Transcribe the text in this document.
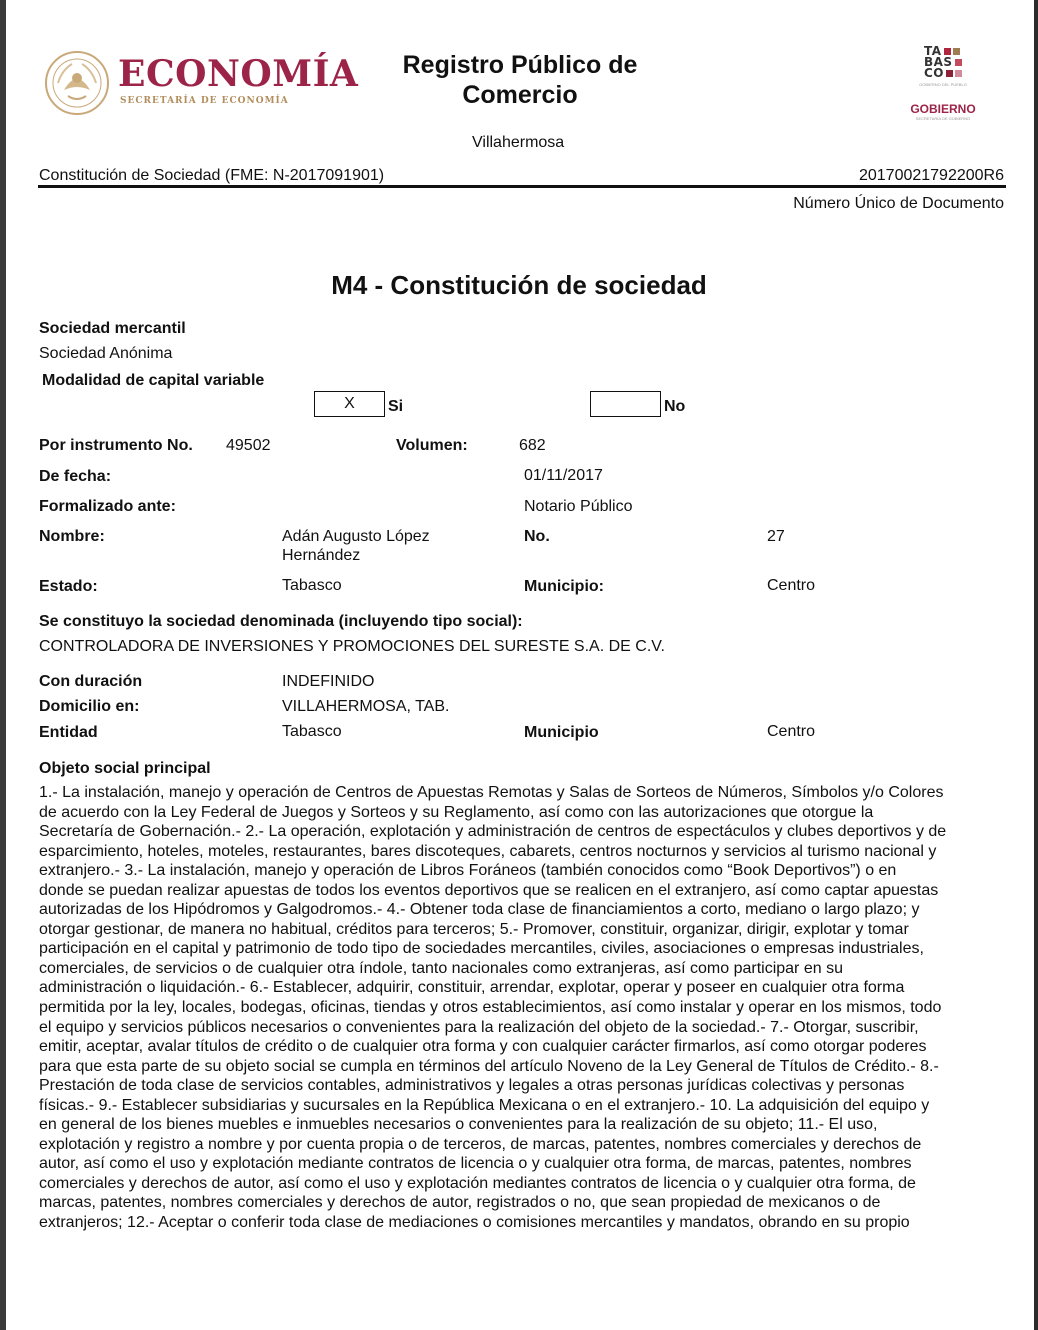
ECONOMÍA
SECRETARÍA DE ECONOMÍA
Registro Público de
Comercio
TA
BAS
CO
GOBIERNO DEL PUEBLO
GOBIERNO
SECRETARÍA DE GOBIERNO
Villahermosa
Constitución de Sociedad (FME: N-2017091901)	20170021792200R6
Número Único de Documento
M4 - Constitución de sociedad
Sociedad mercantil
Sociedad Anónima
Modalidad de capital variable
X	Si	No
Por instrumento No. 49502	Volumen:	682
De fecha:	01/11/2017
Formalizado ante:	Notario Público
Nombre:	Adán Augusto López
Hernández
No.	27
Estado:	Tabasco	Municipio:	Centro
Se constituyo la sociedad denominada (incluyendo tipo social):
CONTROLADORA DE INVERSIONES Y PROMOCIONES DEL SURESTE S.A. DE C.V.
Con duración	INDEFINIDO
Domicilio en:	VILLAHERMOSA, TAB.
Entidad	Tabasco	Municipio	Centro
Objeto social principal
1.- La instalación, manejo y operación de Centros de Apuestas Remotas y Salas de Sorteos de Números, Símbolos y/o Colores
de acuerdo con la Ley Federal de Juegos y Sorteos y su Reglamento, así como con las autorizaciones que otorgue la
Secretaría de Gobernación.- 2.- La operación, explotación y administración de centros de espectáculos y clubes deportivos y de
esparcimiento, hoteles, moteles, restaurantes, bares discoteques, cabarets, centros nocturnos y servicios al turismo nacional y
extranjero.- 3.- La instalación, manejo y operación de Libros Foráneos (también conocidos como “Book Deportivos”) o en
donde se puedan realizar apuestas de todos los eventos deportivos que se realicen en el extranjero, así como captar apuestas
autorizadas de los Hipódromos y Galgodromos.- 4.- Obtener toda clase de financiamientos a corto, mediano o largo plazo; y
otorgar gestionar, de manera no habitual, créditos para terceros; 5.- Promover, constituir, organizar, dirigir, explotar y tomar
participación en el capital y patrimonio de todo tipo de sociedades mercantiles, civiles, asociaciones o empresas industriales,
comerciales, de servicios o de cualquier otra índole, tanto nacionales como extranjeras, así como participar en su
administración o liquidación.- 6.- Establecer, adquirir, constituir, arrendar, explotar, operar y poseer en cualquier otra forma
permitida por la ley, locales, bodegas, oficinas, tiendas y otros establecimientos, así como instalar y operar en los mismos, todo
el equipo y servicios públicos necesarios o convenientes para la realización del objeto de la sociedad.- 7.- Otorgar, suscribir,
emitir, aceptar, avalar títulos de crédito o de cualquier otra forma y con cualquier carácter firmarlos, así como otorgar poderes
para que esta parte de su objeto social se cumpla en términos del artículo Noveno de la Ley General de Títulos de Crédito.- 8.-
Prestación de toda clase de servicios contables, administrativos y legales a otras personas jurídicas colectivas y personas
físicas.- 9.- Establecer subsidiarias y sucursales en la República Mexicana o en el extranjero.- 10. La adquisición del equipo y
en general de los bienes muebles e inmuebles necesarios o convenientes para la realización de su objeto; 11.- El uso,
explotación y registro a nombre y por cuenta propia o de terceros, de marcas, patentes, nombres comerciales y derechos de
autor, así como el uso y explotación mediante contratos de licencia o y cualquier otra forma, de marcas, patentes, nombres
comerciales y derechos de autor, así como el uso y explotación mediantes contratos de licencia o y cualquier otra forma, de
marcas, patentes, nombres comerciales y derechos de autor, registrados o no, que sean propiedad de mexicanos o de
extranjeros; 12.- Aceptar o conferir toda clase de mediaciones o comisiones mercantiles y mandatos, obrando en su propio
